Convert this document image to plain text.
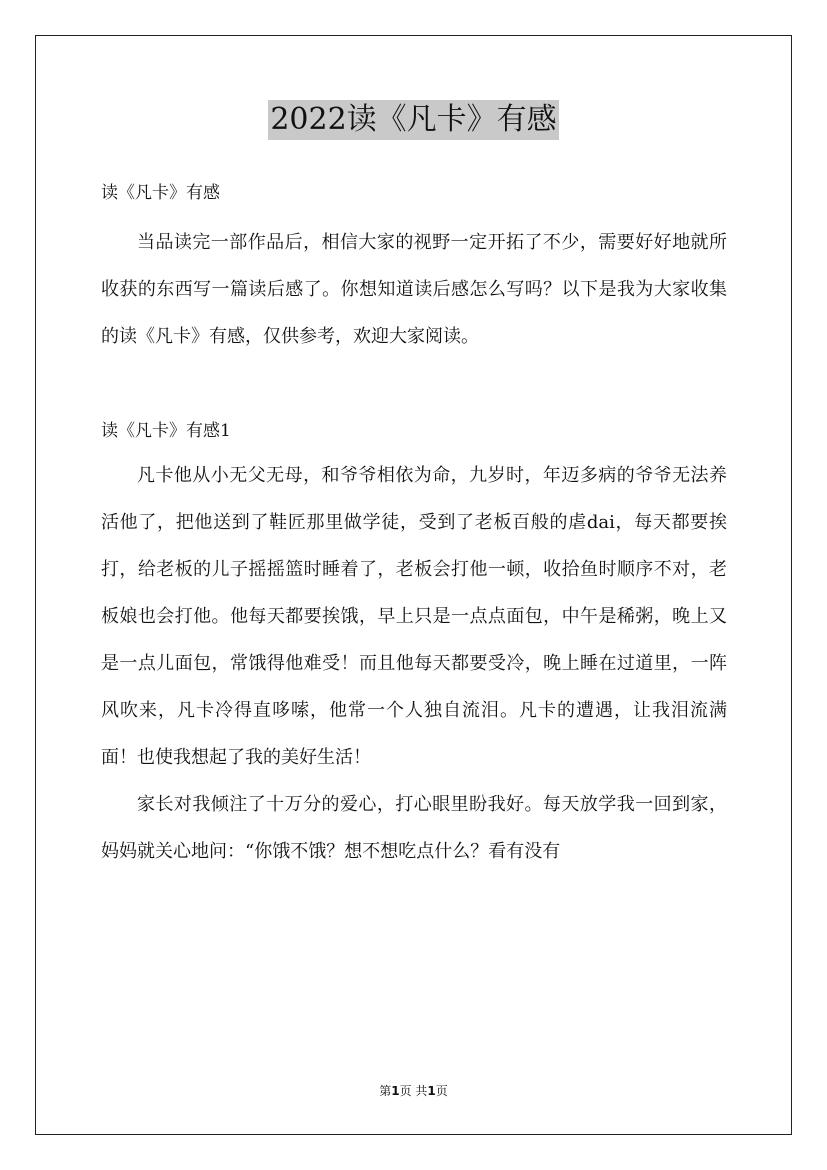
2022读《凡卡》有感

读《凡卡》有感

当品读完一部作品后，相信大家的视野一定开拓了不少，需要好好地就所收获的东西写一篇读后感了。你想知道读后感怎么写吗？以下是我为大家收集的读《凡卡》有感，仅供参考，欢迎大家阅读。

读《凡卡》有感1

凡卡他从小无父无母，和爷爷相依为命，九岁时，年迈多病的爷爷无法养活他了，把他送到了鞋匠那里做学徒，受到了老板百般的虐dai，每天都要挨打，给老板的儿子摇摇篮时睡着了，老板会打他一顿，收拾鱼时顺序不对，老板娘也会打他。他每天都要挨饿，早上只是一点点面包，中午是稀粥，晚上又是一点儿面包，常饿得他难受！而且他每天都要受冷，晚上睡在过道里，一阵风吹来，凡卡冷得直哆嗦，他常一个人独自流泪。凡卡的遭遇，让我泪流满面！也使我想起了我的美好生活！

家长对我倾注了十万分的爱心，打心眼里盼我好。每天放学我一回到家，妈妈就关心地问：“你饿不饿？想不想吃点什么？看有没有

第1页 共1页
